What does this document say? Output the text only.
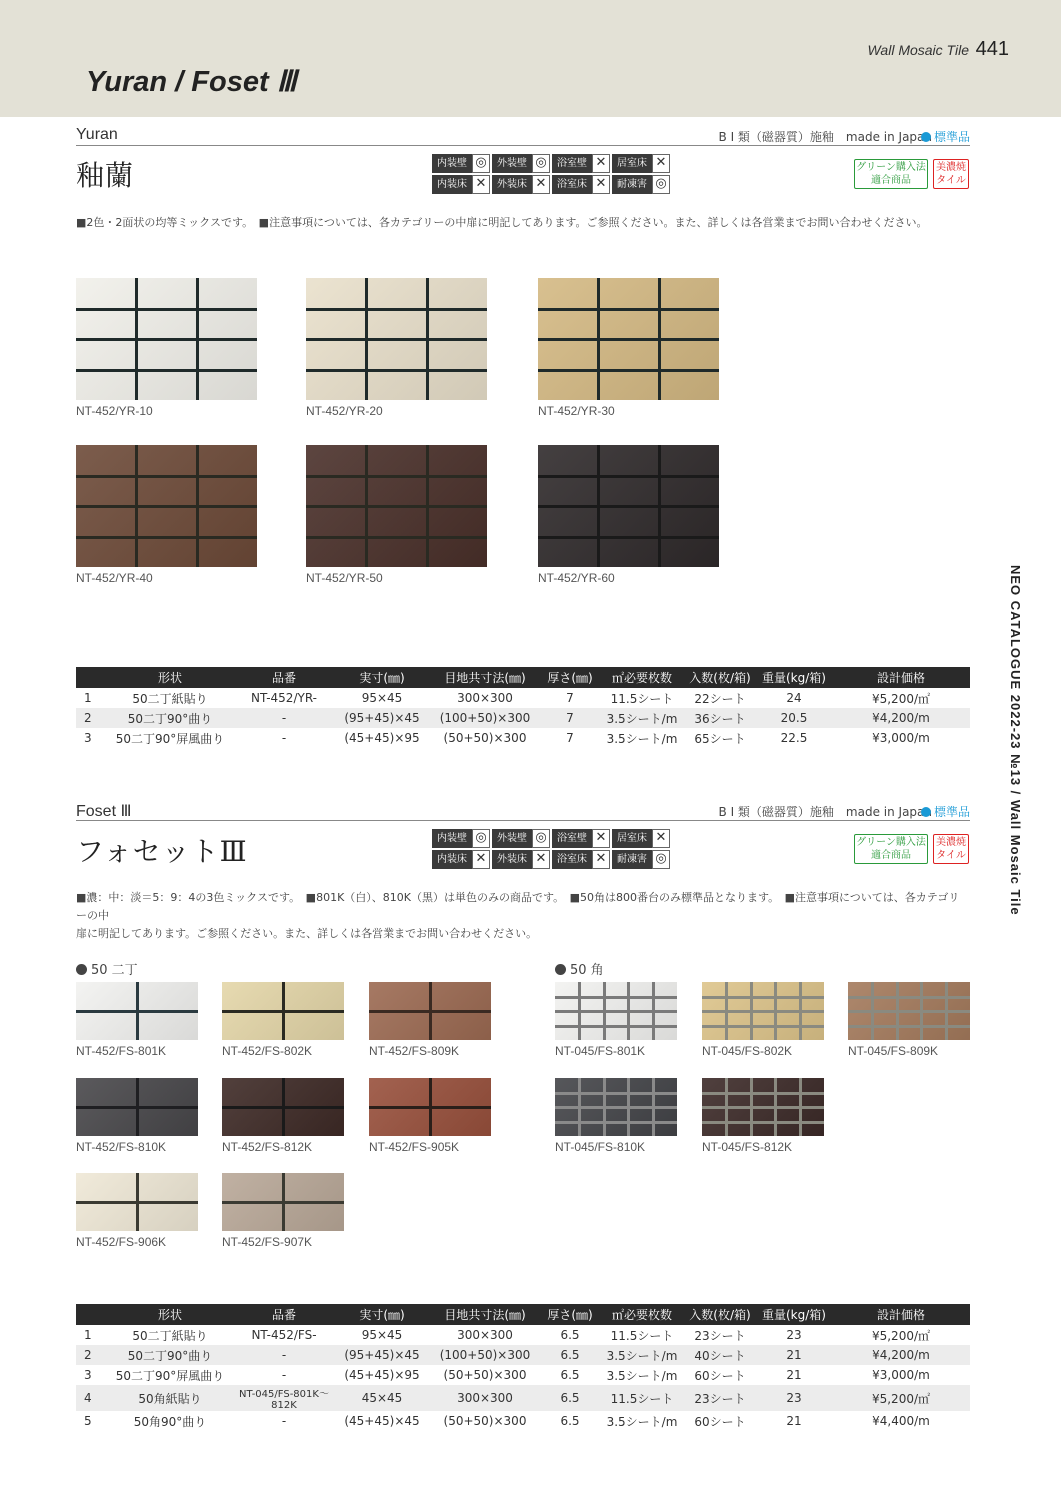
Wall Mosaic Tile 441
Yuran / Foset Ⅲ
NEO CATALOGUE 2022-23 №13 / Wall Mosaic Tile
Yuran	B Ⅰ 類（磁器質）施釉　made in Japan 標準品
釉蘭	内装壁 ◎	外装壁 ◎	浴室壁 ✕	居室床 ✕
内装床 ✕	外装床 ✕	浴室床 ✕	耐凍害 ◎
グリーン購入法
適合商品
美濃焼
タイル
■2色・2面状の均等ミックスです。　■注意事項については、各カテゴリーの中扉に明記してあります。ご参照ください。また、詳しくは各営業までお問い合わせください。
NT-452/YR-10	NT-452/YR-20	NT-452/YR-30
NT-452/YR-40	NT-452/YR-50	NT-452/YR-60
	形状	品番	実寸(㎜)	目地共寸法(㎜)	厚さ(㎜)	㎡必要枚数	入数(枚/箱)	重量(kg/箱)	設計価格
1	50二丁紙貼り	NT-452/YR-	95×45	300×300	7	11.5シート	22シート	24	¥5,200/㎡
2	50二丁90°曲り	-	(95+45)×45	(100+50)×300	7	3.5シート/m	36シート	20.5	¥4,200/m
3	50二丁90°屏風曲り	-	(45+45)×95	(50+50)×300	7	3.5シート/m	65シート	22.5	¥3,000/m
Foset Ⅲ	B Ⅰ 類（磁器質）施釉　made in Japan 標準品
フォセットⅢ	内装壁 ◎	外装壁 ◎	浴室壁 ✕	居室床 ✕
内装床 ✕	外装床 ✕	浴室床 ✕	耐凍害 ◎
グリーン購入法
適合商品
美濃焼
タイル
■濃：中：淡＝5：9：4の3色ミックスです。　■801K（白）、810K（黒）は単色のみの商品です。　■50角は800番台のみ標準品となります。　■注意事項については、各カテゴリーの中
扉に明記してあります。ご参照ください。また、詳しくは各営業までお問い合わせください。
50 二丁	50 角
NT-452/FS-801K	NT-452/FS-802K	NT-452/FS-809K
NT-452/FS-810K	NT-452/FS-812K	NT-452/FS-905K
NT-452/FS-906K	NT-452/FS-907K
NT-045/FS-801K	NT-045/FS-802K	NT-045/FS-809K
NT-045/FS-810K	NT-045/FS-812K
	形状	品番	実寸(㎜)	目地共寸法(㎜)	厚さ(㎜)	㎡必要枚数	入数(枚/箱)	重量(kg/箱)	設計価格
1	50二丁紙貼り	NT-452/FS-	95×45	300×300	6.5	11.5シート	23シート	23	¥5,200/㎡
2	50二丁90°曲り	-	(95+45)×45	(100+50)×300	6.5	3.5シート/m	40シート	21	¥4,200/m
3	50二丁90°屏風曲り	-	(45+45)×95	(50+50)×300	6.5	3.5シート/m	60シート	21	¥3,000/m
4	50角紙貼り	NT-045/FS-801K～812K	45×45	300×300	6.5	11.5シート	23シート	23	¥5,200/㎡
5	50角90°曲り	-	(45+45)×45	(50+50)×300	6.5	3.5シート/m	60シート	21	¥4,400/m
